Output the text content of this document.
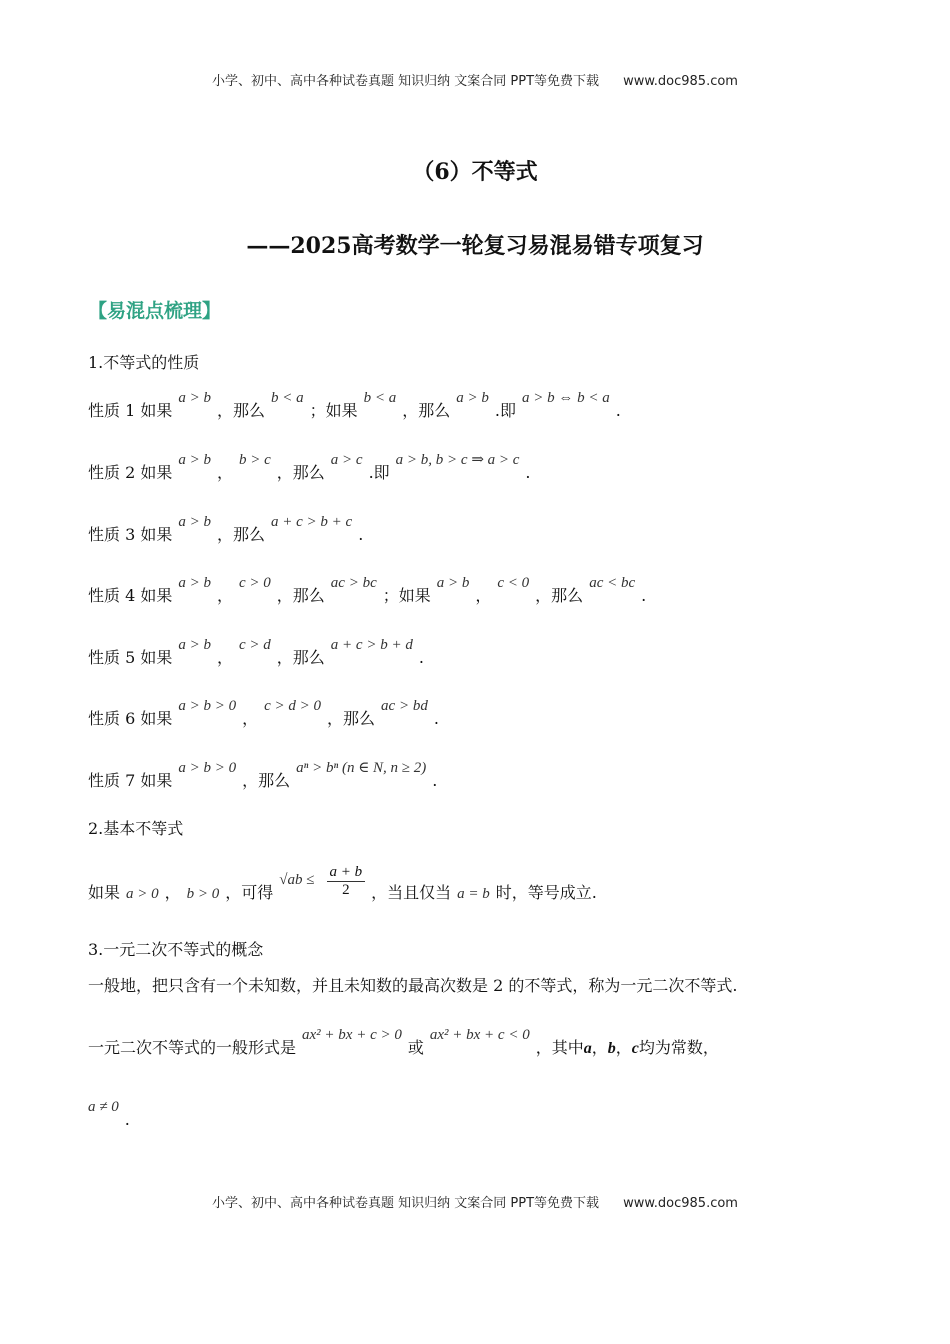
小学、初中、高中各种试卷真题 知识归纳 文案合同 PPT等免费下载 www.doc985.com
（6）不等式
——2025高考数学一轮复习易混易错专项复习
【易混点梳理】
1.不等式的性质
性质 1 如果a > b，那么b < a；如果b < a，那么a > b.即a > b ⇔ b < a.
性质 2 如果a > b，b > c，那么a > c.即a > b, b > c ⇒ a > c.
性质 3 如果a > b，那么a + c > b + c.
性质 4 如果a > b，c > 0，那么ac > bc；如果a > b，c < 0，那么ac < bc.
性质 5 如果a > b，c > d，那么a + c > b + d.
性质 6 如果a > b > 0，c > d > 0，那么ac > bd.
性质 7 如果a > b > 0，那么aⁿ > bⁿ (n ∈ N, n ≥ 2).
2.基本不等式
如果 a > 0 ， b > 0 ，可得$√ab \le \frac{a + b}{2}$ ，当且仅当 a = b 时，等号成立.
3.一元二次不等式的概念
一般地，把只含有一个未知数，并且未知数的最高次数是 2 的不等式，称为一元二次不等式.
一元二次不等式的一般形式是ax² + bx + c > 0或ax² + bx + c < 0，其中a，b，c均为常数，
a ≠ 0.
小学、初中、高中各种试卷真题 知识归纳 文案合同 PPT等免费下载 www.doc985.com
